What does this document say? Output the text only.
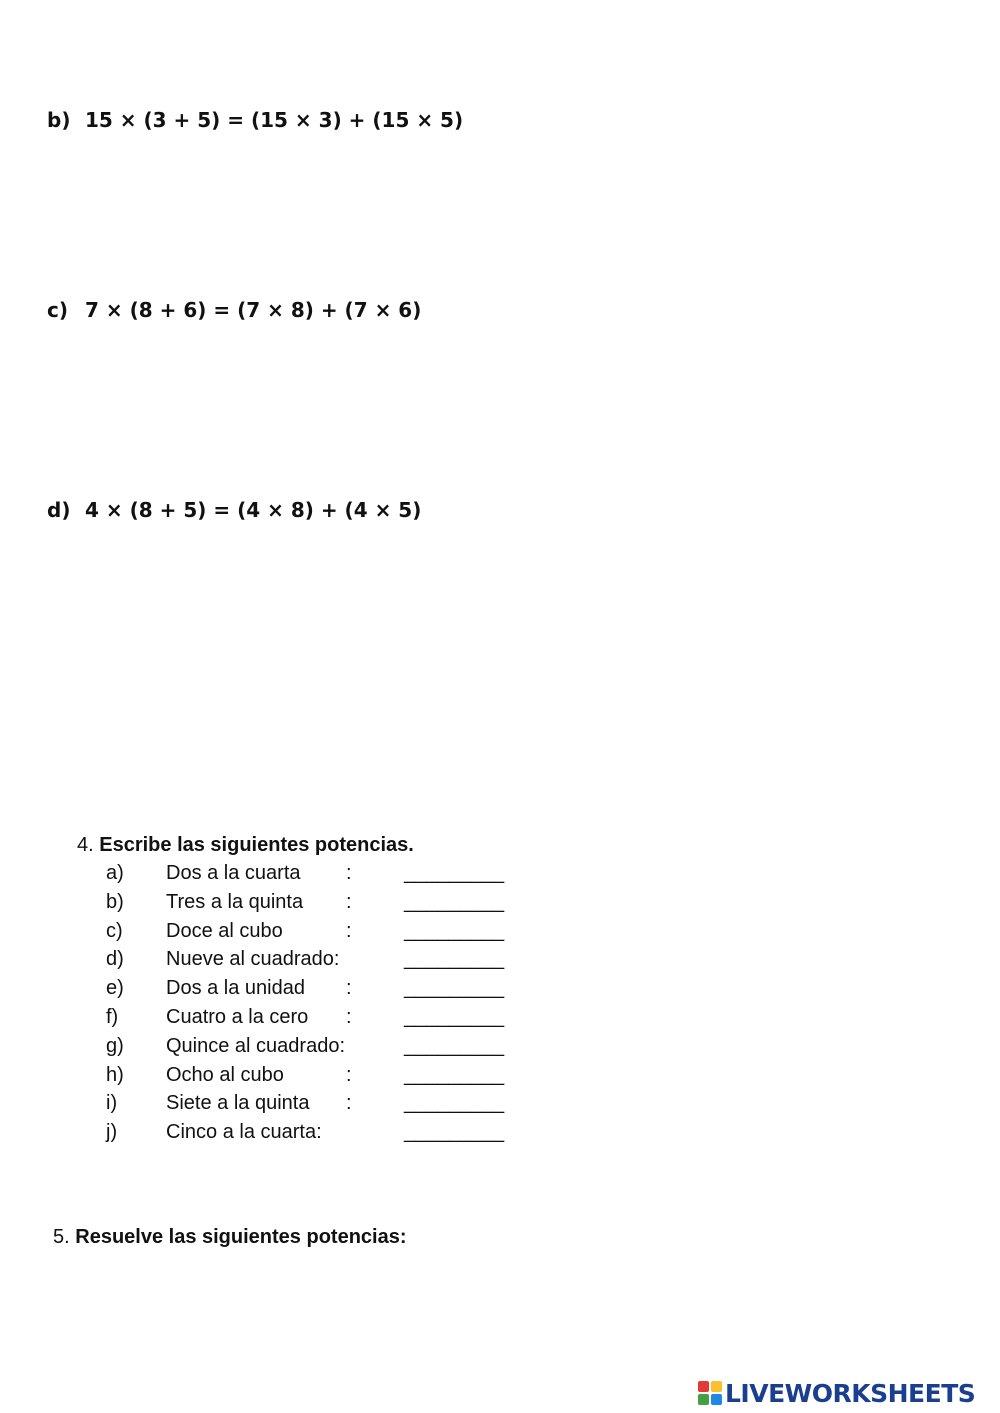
b) 15 × (3 + 5) = (15 × 3) + (15 × 5)
c) 7 × (8 + 6) = (7 × 8) + (7 × 6)
d) 4 × (8 + 5) = (4 × 8) + (4 × 5)
4. Escribe las siguientes potencias.
a) Dos a la cuarta :	_________
b) Tres a la quinta :	_________
c) Doce al cubo	:	_________
d) Nueve al cuadrado:	_________
e) Dos a la unidad :	_________
f) Cuatro a la cero :	_________
g) Quince al cuadrado:	_________
h) Ocho al cubo	:	_________
i) Siete a la quinta :	_________
j) Cinco a la cuarta:	_________
5. Resuelve las siguientes potencias:
LIVEWORKSHEETS
